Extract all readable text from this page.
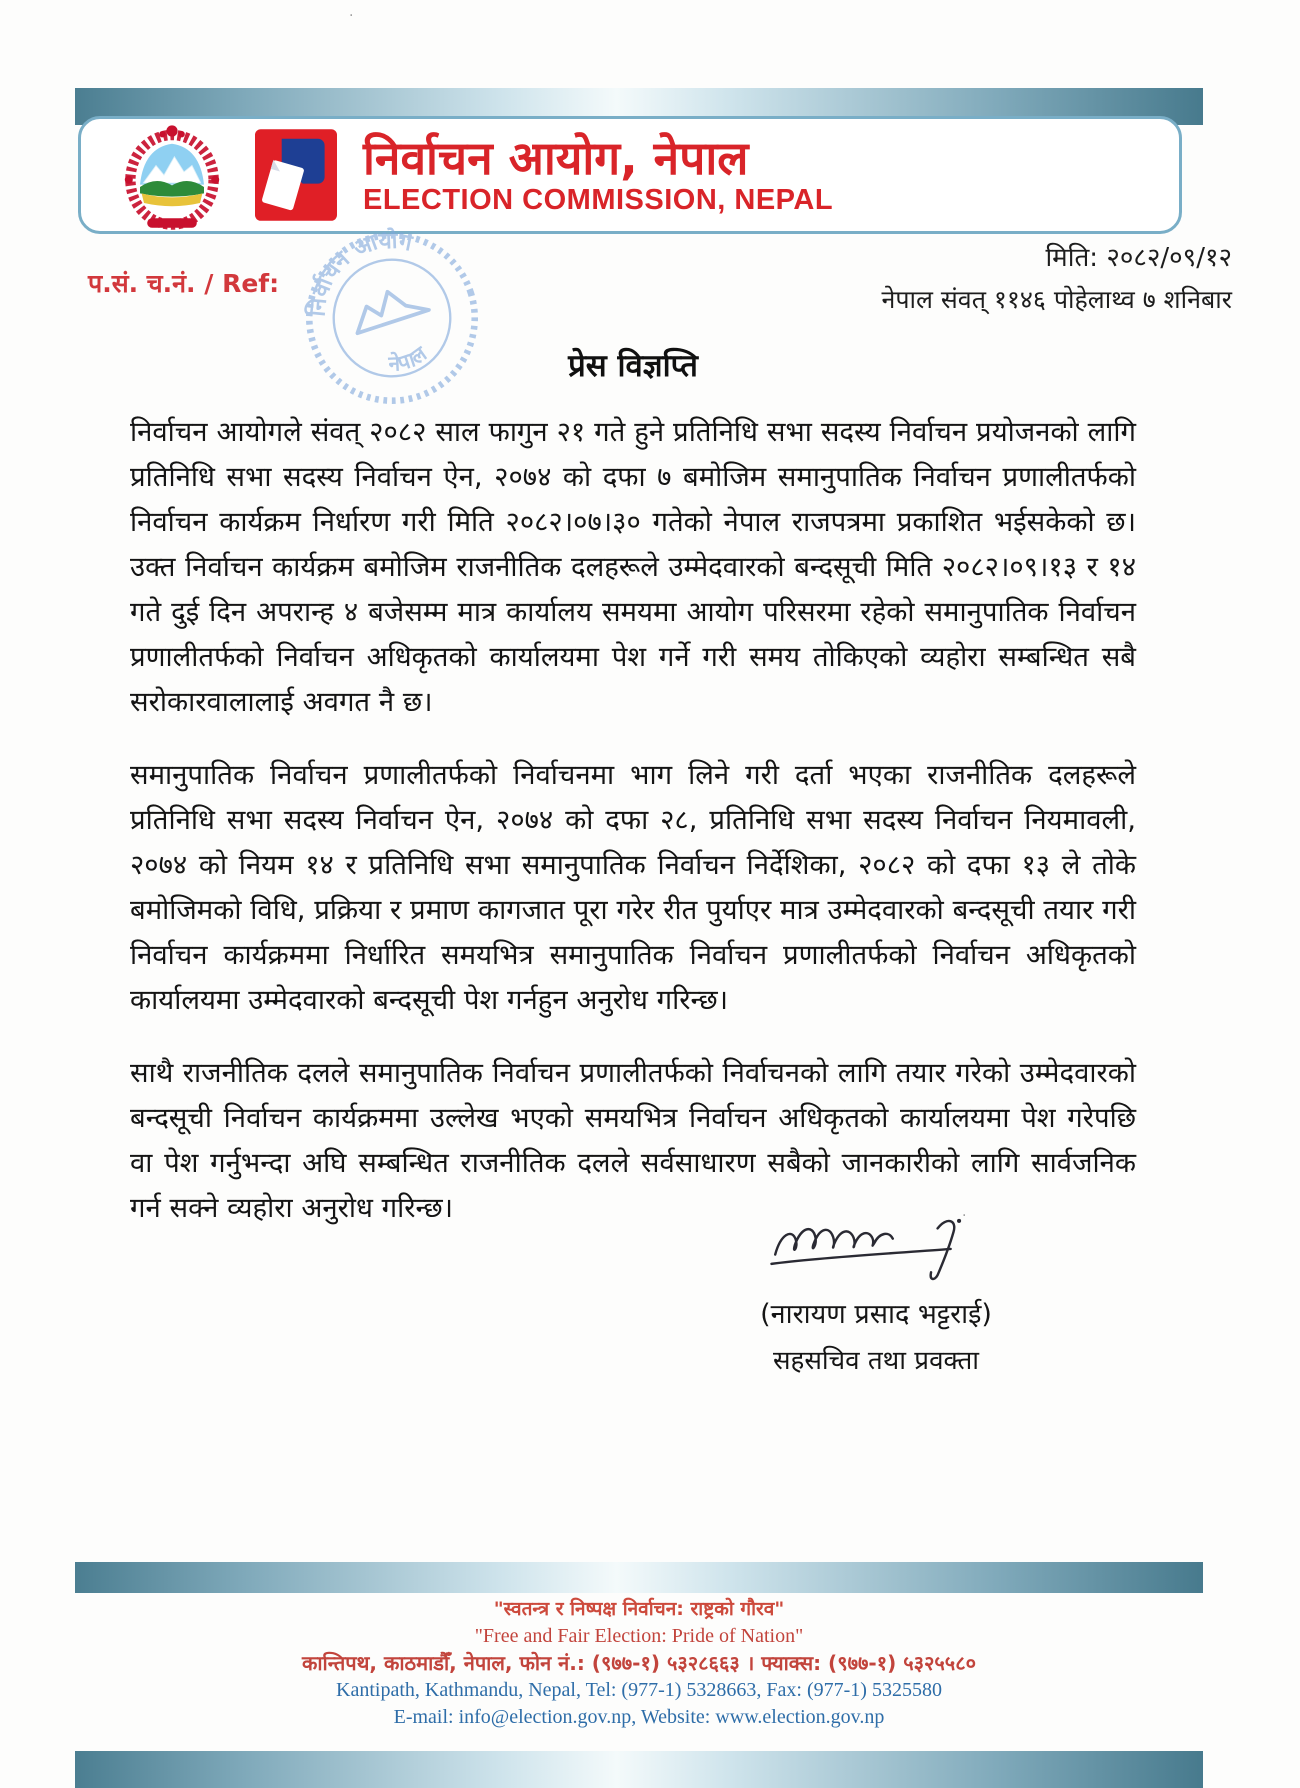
निर्वाचन आयोग, नेपाल
ELECTION COMMISSION, NEPAL
प.सं. च.नं. / Ref:
मिति: २०८२/०९/१२
नेपाल संवत् ११४६ पोहेलाथ्व ७ शनिबार
निर्वाचन आयोग
नेपाल	प्रेस विज्ञप्ति

निर्वाचन आयोगले संवत् २०८२ साल फागुन २१ गते हुने प्रतिनिधि सभा सदस्य निर्वाचन प्रयोजनको लागि प्रतिनिधि सभा सदस्य निर्वाचन ऐन, २०७४ को दफा ७ बमोजिम समानुपातिक निर्वाचन प्रणालीतर्फको निर्वाचन कार्यक्रम निर्धारण गरी मिति २०८२।०७।३० गतेको नेपाल राजपत्रमा प्रकाशित भईसकेको छ। उक्त निर्वाचन कार्यक्रम बमोजिम राजनीतिक दलहरूले उम्मेदवारको बन्दसूची मिति २०८२।०९।१३ र १४ गते दुई दिन अपरान्ह ४ बजेसम्म मात्र कार्यालय समयमा आयोग परिसरमा रहेको समानुपातिक निर्वाचन प्रणालीतर्फको निर्वाचन अधिकृतको कार्यालयमा पेश गर्ने गरी समय तोकिएको व्यहोरा सम्बन्धित सबै सरोकारवालालाई अवगत नै छ।

समानुपातिक निर्वाचन प्रणालीतर्फको निर्वाचनमा भाग लिने गरी दर्ता भएका राजनीतिक दलहरूले प्रतिनिधि सभा सदस्य निर्वाचन ऐन, २०७४ को दफा २८, प्रतिनिधि सभा सदस्य निर्वाचन नियमावली, २०७४ को नियम १४ र प्रतिनिधि सभा समानुपातिक निर्वाचन निर्देशिका, २०८२ को दफा १३ ले तोके बमोजिमको विधि, प्रक्रिया र प्रमाण कागजात पूरा गरेर रीत पुर्याएर मात्र उम्मेदवारको बन्दसूची तयार गरी निर्वाचन कार्यक्रममा निर्धारित समयभित्र समानुपातिक निर्वाचन प्रणालीतर्फको निर्वाचन अधिकृतको कार्यालयमा उम्मेदवारको बन्दसूची पेश गर्नहुन अनुरोध गरिन्छ।

साथै राजनीतिक दलले समानुपातिक निर्वाचन प्रणालीतर्फको निर्वाचनको लागि तयार गरेको उम्मेदवारको बन्दसूची निर्वाचन कार्यक्रममा उल्लेख भएको समयभित्र निर्वाचन अधिकृतको कार्यालयमा पेश गरेपछि वा पेश गर्नुभन्दा अघि सम्बन्धित राजनीतिक दलले सर्वसाधारण सबैको जानकारीको लागि सार्वजनिक गर्न सक्ने व्यहोरा अनुरोध गरिन्छ।

(नारायण प्रसाद भट्टराई)
सहसचिव तथा प्रवक्ता
"स्वतन्त्र र निष्पक्ष निर्वाचन: राष्ट्रको गौरव"
"Free and Fair Election: Pride of Nation"
कान्तिपथ, काठमाडौँ, नेपाल, फोन नं.: (९७७-१) ५३२८६६३ । फ्याक्स: (९७७-१) ५३२५५८०
Kantipath, Kathmandu, Nepal, Tel: (977-1) 5328663, Fax: (977-1) 5325580
E-mail: info@election.gov.np, Website: www.election.gov.np
·
·
